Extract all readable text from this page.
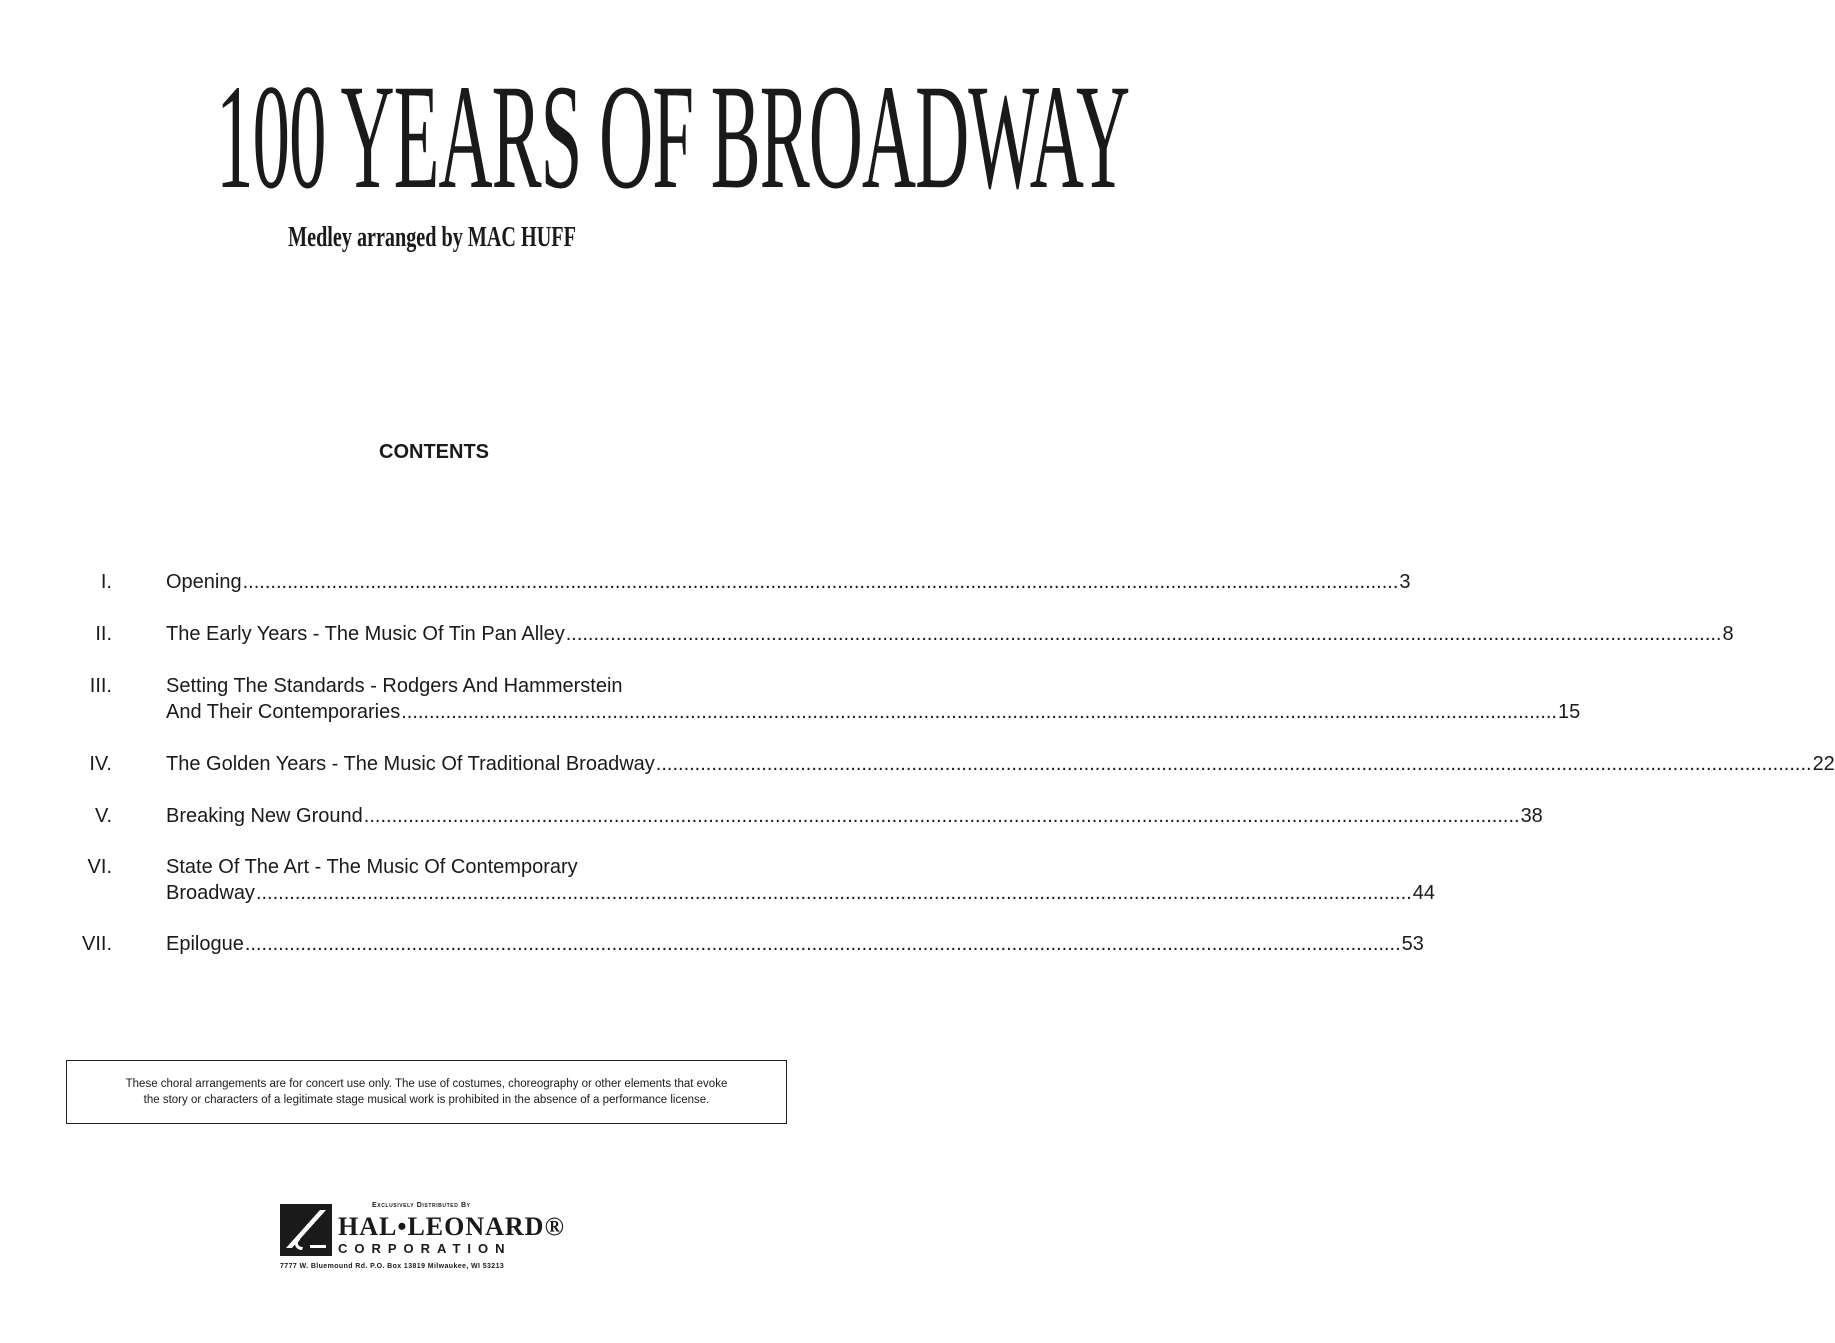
100 YEARS OF BROADWAY
Medley arranged by MAC HUFF
CONTENTS
I.	Opening .....	3
II.	The Early Years - The Music Of Tin Pan Alley .....	8
III.	Setting The Standards - Rodgers And Hammerstein
And Their Contemporaries .....	15
IV.	The Golden Years - The Music Of Traditional Broadway .....	22
V.	Breaking New Ground .....	38
VI.	State Of The Art - The Music Of Contemporary
Broadway .....	44
VII.	Epilogue .....	53
These choral arrangements are for concert use only. The use of costumes, choreography or other elements that evoke
the story or characters of a legitimate stage musical work is prohibited in the absence of a performance license.
Exclusively Distributed By
HAL•LEONARD®
CORPORATION
7777 W. Bluemound Rd. P.O. Box 13819 Milwaukee, WI 53213
